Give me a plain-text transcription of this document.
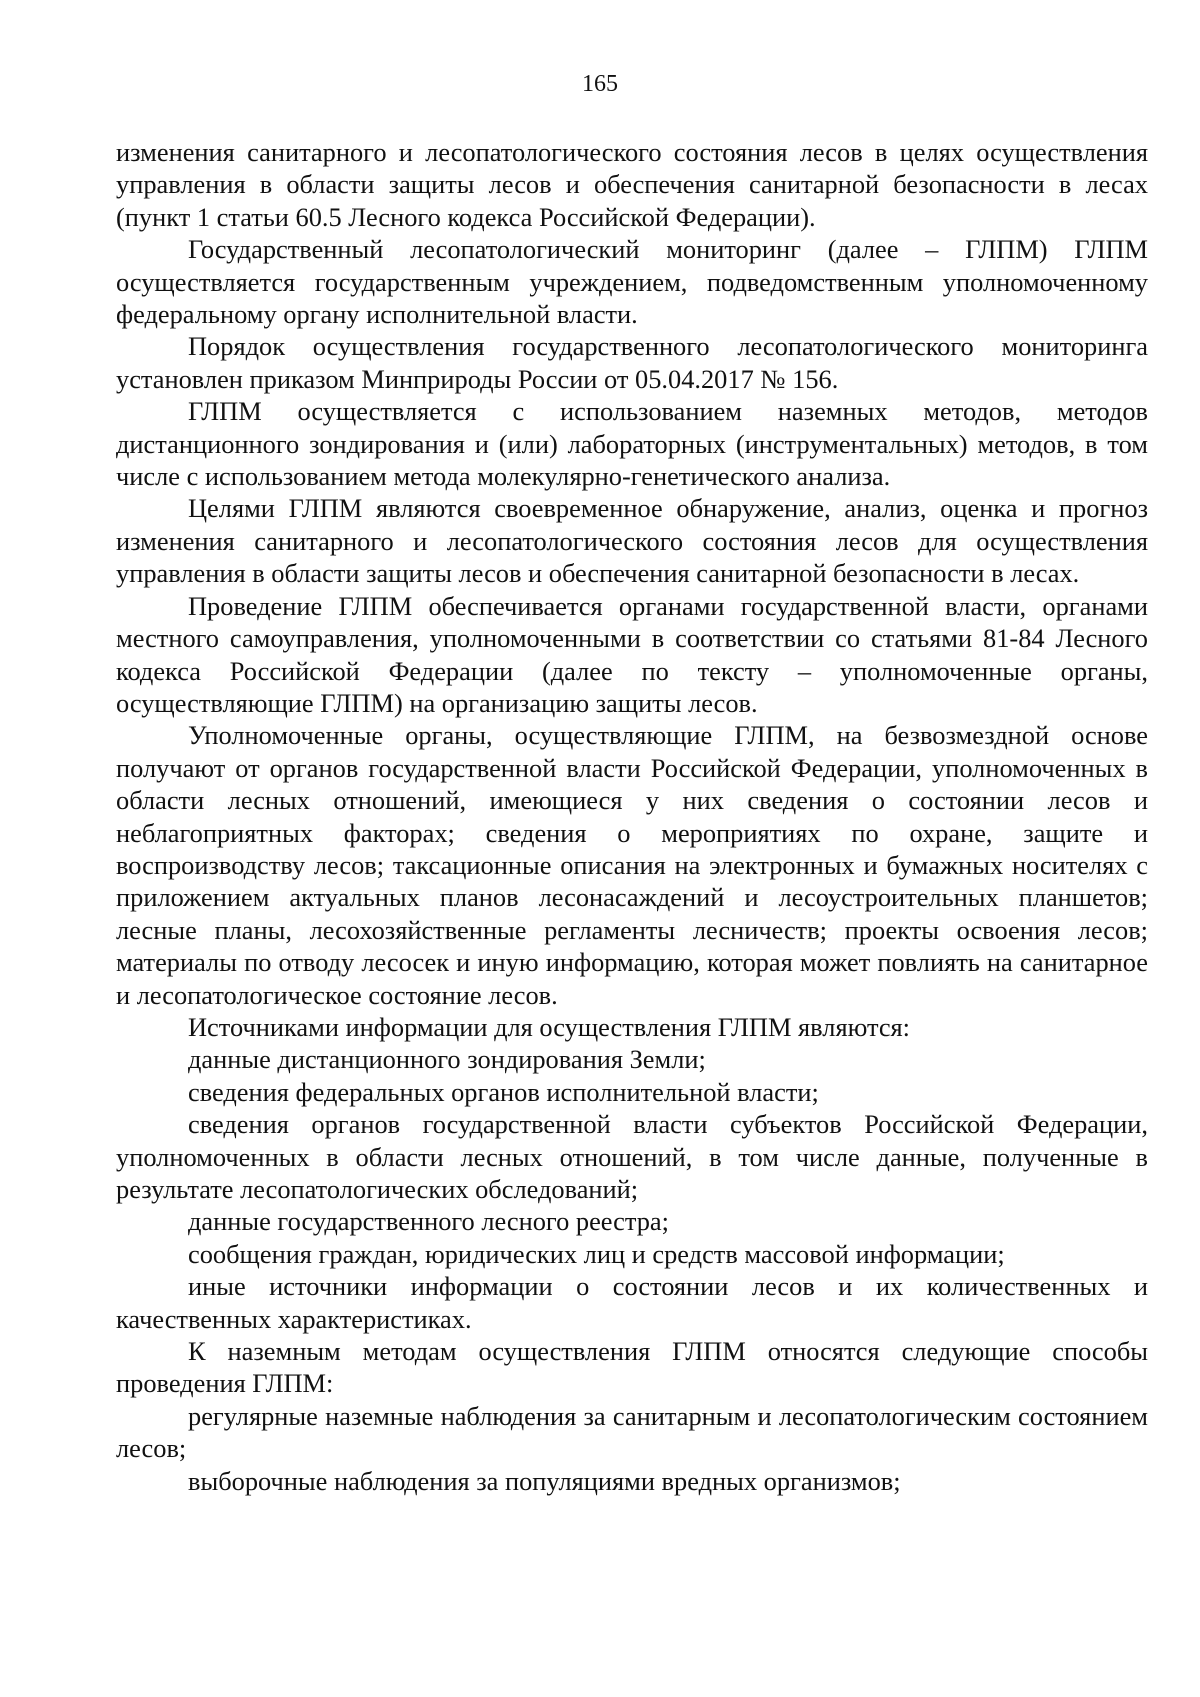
165

изменения санитарного и лесопатологического состояния лесов в целях осуществления управления в области защиты лесов и обеспечения санитарной безопасности в лесах (пункт 1 статьи 60.5 Лесного кодекса Российской Федерации).

Государственный лесопатологический мониторинг (далее – ГЛПМ) ГЛПМ осуществляется государственным учреждением, подведомственным уполномоченному федеральному органу исполнительной власти.

Порядок осуществления государственного лесопатологического мониторинга установлен приказом Минприроды России от 05.04.2017 № 156.

ГЛПМ осуществляется с использованием наземных методов, методов дистанционного зондирования и (или) лабораторных (инструментальных) методов, в том числе с использованием метода молекулярно-генетического анализа.

Целями ГЛПМ являются своевременное обнаружение, анализ, оценка и прогноз изменения санитарного и лесопатологического состояния лесов для осуществления управления в области защиты лесов и обеспечения санитарной безопасности в лесах.

Проведение ГЛПМ обеспечивается органами государственной власти, органами местного самоуправления, уполномоченными в соответствии со статьями 81-84 Лесного кодекса Российской Федерации (далее по тексту – уполномоченные органы, осуществляющие ГЛПМ) на организацию защиты лесов.

Уполномоченные органы, осуществляющие ГЛПМ, на безвозмездной основе получают от органов государственной власти Российской Федерации, уполномоченных в области лесных отношений, имеющиеся у них сведения о состоянии лесов и неблагоприятных факторах; сведения о мероприятиях по охране, защите и воспроизводству лесов; таксационные описания на электронных и бумажных носителях с приложением актуальных планов лесонасаждений и лесоустроительных планшетов; лесные планы, лесохозяйственные регламенты лесничеств; проекты освоения лесов; материалы по отводу лесосек и иную информацию, которая может повлиять на санитарное и лесопатологическое состояние лесов.

Источниками информации для осуществления ГЛПМ являются:

данные дистанционного зондирования Земли;

сведения федеральных органов исполнительной власти;

сведения органов государственной власти субъектов Российской Федерации, уполномоченных в области лесных отношений, в том числе данные, полученные в результате лесопатологических обследований;

данные государственного лесного реестра;

сообщения граждан, юридических лиц и средств массовой информации;

иные источники информации о состоянии лесов и их количественных и качественных характеристиках.

К наземным методам осуществления ГЛПМ относятся следующие способы проведения ГЛПМ:

регулярные наземные наблюдения за санитарным и лесопатологическим состоянием лесов;

выборочные наблюдения за популяциями вредных организмов;
